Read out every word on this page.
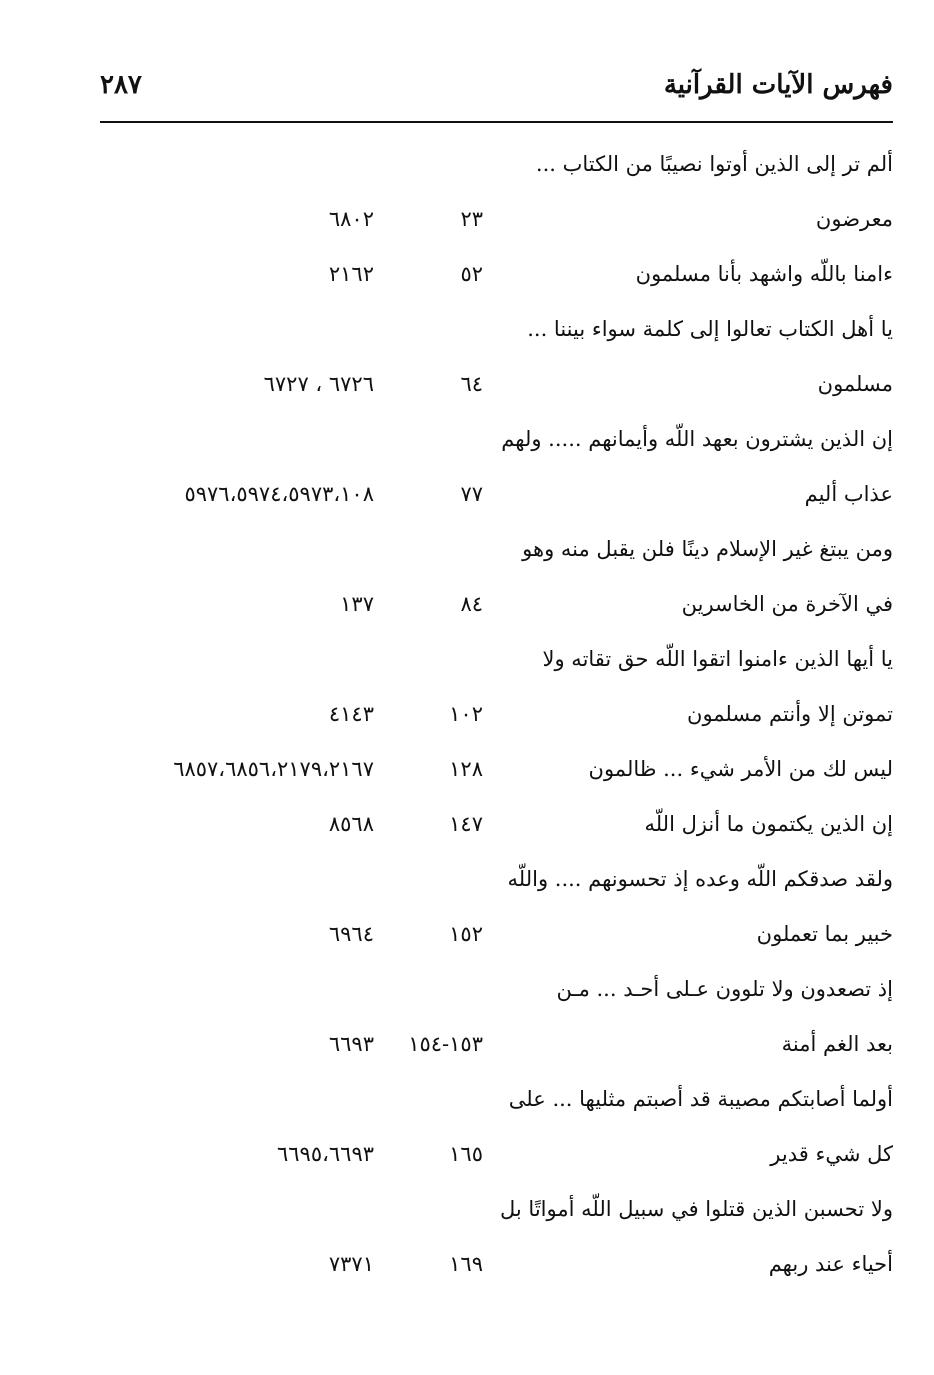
فهرس الآيات القرآنية
٢٨٧
ألم تر إلى الذين أوتوا نصيبًا من الكتاب ...
معرضون
٢٣
٦٨٠٢
ءامنا باللّه واشهد بأنا مسلمون
٥٢
٢١٦٢
يا أهل الكتاب تعالوا إلى كلمة سواء بيننا ...
مسلمون
٦٤
٦٧٢٦ ، ٦٧٢٧
إن الذين يشترون بعهد اللّه وأيمانهم ..... ولهم
عذاب أليم
٧٧
٥٩٧٦،٥٩٧٤،٥٩٧٣،١٠٨
ومن يبتغ غير الإسلام دينًا فلن يقبل منه وهو
في الآخرة من الخاسرين
٨٤
١٣٧
يا أيها الذين ءامنوا اتقوا اللّه حق تقاته ولا
تموتن إلا وأنتم مسلمون
١٠٢
٤١٤٣
ليس لك من الأمر شيء ... ظالمون
١٢٨
٦٨٥٧،٦٨٥٦،٢١٧٩،٢١٦٧
إن الذين يكتمون ما أنزل اللّه
١٤٧
٨٥٦٨
ولقد صدقكم اللّه وعده إذ تحسونهم .... واللّه
خبير بما تعملون
١٥٢
٦٩٦٤
إذ تصعدون ولا تلوون عـلى أحـد ... مـن
بعد الغم أمنة
١٥٣-١٥٤
٦٦٩٣
أولما أصابتكم مصيبة قد أصبتم مثليها ... على
كل شيء قدير
١٦٥
٦٦٩٥،٦٦٩٣
ولا تحسبن الذين قتلوا في سبيل اللّه أمواتًا بل
أحياء عند ربهم
١٦٩
٧٣٧١
